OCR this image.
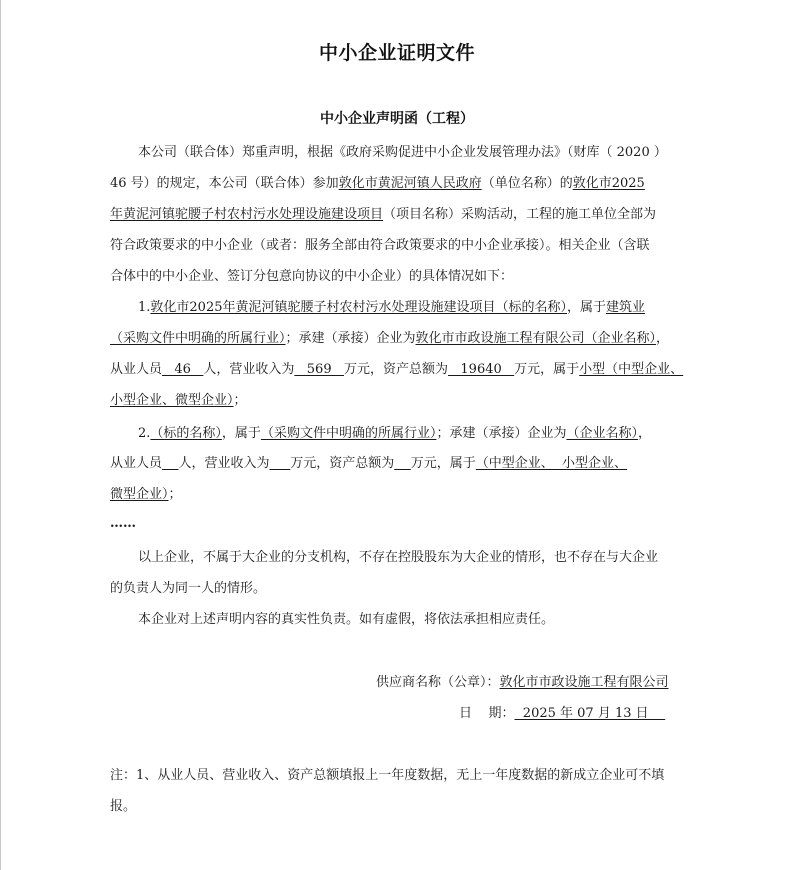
中小企业证明文件
中小企业声明函（工程）
本公司（联合体）郑重声明，根据《政府采购促进中小企业发展管理办法》（财库（ 2020 ）
46 号）的规定，本公司（联合体）参加敦化市黄泥河镇人民政府（单位名称）的敦化市2025
年黄泥河镇驼腰子村农村污水处理设施建设项目（项目名称）采购活动，工程的施工单位全部为
符合政策要求的中小企业（或者：服务全部由符合政策要求的中小企业承接）。相关企业（含联
合体中的中小企业、签订分包意向协议的中小企业）的具体情况如下：
1.敦化市2025年黄泥河镇驼腰子村农村污水处理设施建设项目（标的名称），属于建筑业
（采购文件中明确的所属行业）；承建（承接）企业为敦化市市政设施工程有限公司（企业名称），
从业人员   46   人，营业收入为   569   万元，资产总额为   19640   万元，属于小型（中型企业、
小型企业、微型企业）；
2.（标的名称），属于（采购文件中明确的所属行业）；承建（承接）企业为（企业名称），
从业人员 人，营业收入为 万元，资产总额为 万元，属于（中型企业、  小型企业、
微型企业）；
……
以上企业，不属于大企业的分支机构，不存在控股股东为大企业的情形，也不存在与大企业
的负责人为同一人的情形。
本企业对上述声明内容的真实性负责。如有虚假，将依法承担相应责任。
供应商名称（公章）：敦化市市政设施工程有限公司
日    期：  2025 年 07 月 13 日
注：1、从业人员、营业收入、资产总额填报上一年度数据，无上一年度数据的新成立企业可不填
报。
